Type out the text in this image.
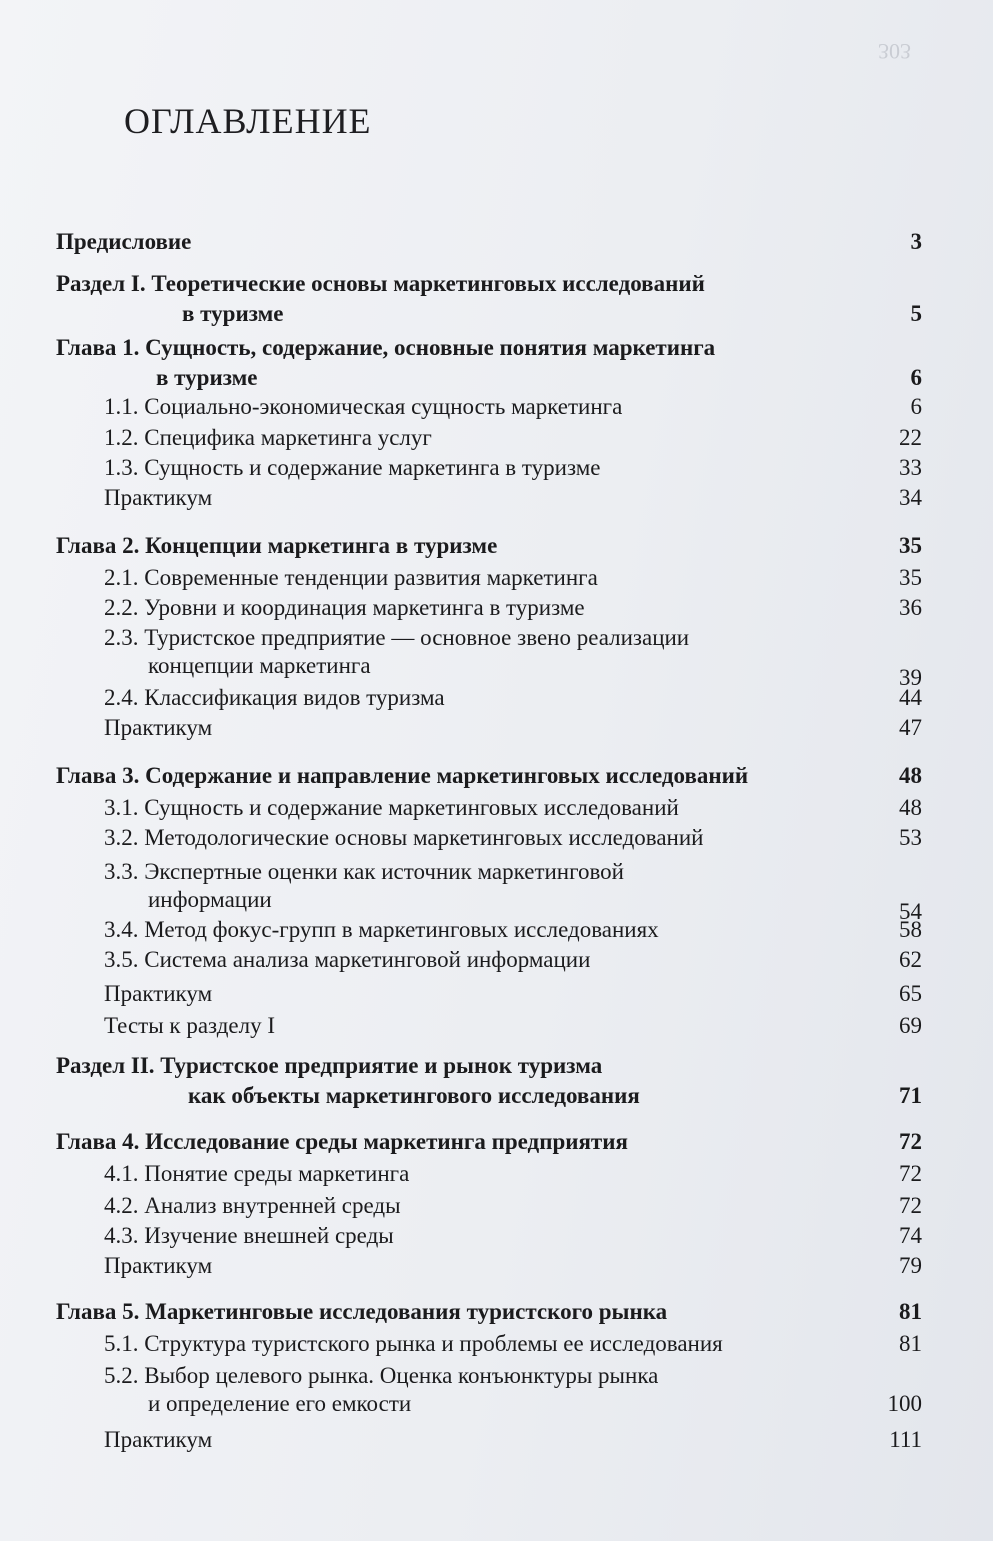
303
ОГЛАВЛЕНИЕ
Предисловие	3
Раздел I. Теоретические основы маркетинговых исследований
в туризме	5
Глава 1. Сущность, содержание, основные понятия маркетинга
в туризме	6
1.1. Социально-экономическая сущность маркетинга	6
1.2. Специфика маркетинга услуг	22
1.3. Сущность и содержание маркетинга в туризме	33
Практикум	34
Глава 2. Концепции маркетинга в туризме	35
2.1. Современные тенденции развития маркетинга	35
2.2. Уровни и координация маркетинга в туризме	36
2.3. Туристское предприятие — основное звено реализации
концепции маркетинга	39
2.4. Классификация видов туризма	44
Практикум	47
Глава 3. Содержание и направление маркетинговых исследований	48
3.1. Сущность и содержание маркетинговых исследований	48
3.2. Методологические основы маркетинговых исследований	53
3.3. Экспертные оценки как источник маркетинговой
информации	54
3.4. Метод фокус-групп в маркетинговых исследованиях	58
3.5. Система анализа маркетинговой информации	62
Практикум	65
Тесты к разделу I	69
Раздел II. Туристское предприятие и рынок туризма
как объекты маркетингового исследования	71
Глава 4. Исследование среды маркетинга предприятия	72
4.1. Понятие среды маркетинга	72
4.2. Анализ внутренней среды	72
4.3. Изучение внешней среды	74
Практикум	79
Глава 5. Маркетинговые исследования туристского рынка	81
5.1. Структура туристского рынка и проблемы ее исследования	81
5.2. Выбор целевого рынка. Оценка конъюнктуры рынка
и определение его емкости	100
Практикум	111
